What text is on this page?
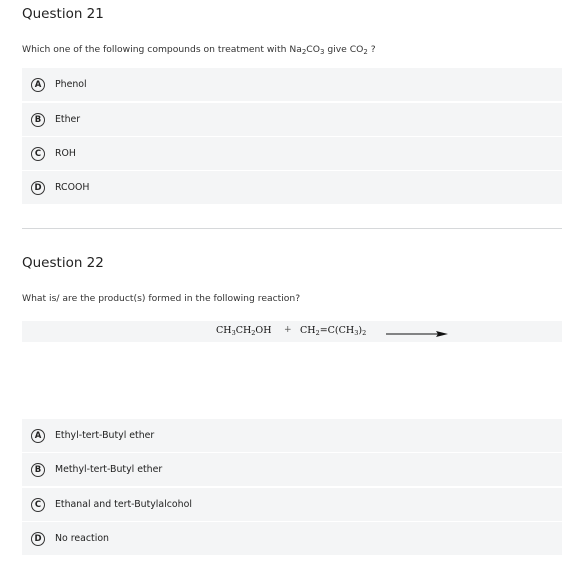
Question 21

Which one of the following compounds on treatment with $Na_2CO_3$ give $CO_2$ ?

A	Phenol
B	Ether
C	ROH
D	RCOOH
Question 22

What is/ are the product(s) formed in the following reaction?

$CH_3CH_2OH + CH_2=C(CH_3)_2$ →
A	Ethyl-tert-Butyl ether
B	Methyl-tert-Butyl ether
C	Ethanal and tert-Butylalcohol
D	No reaction
